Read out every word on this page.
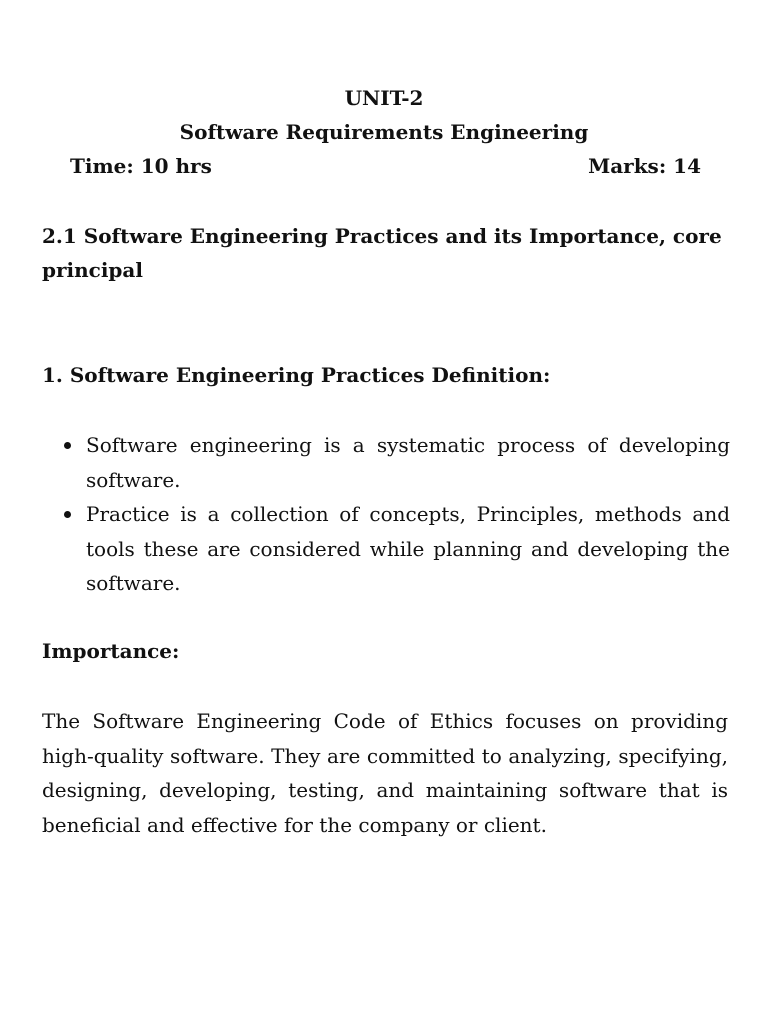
UNIT-2
Software Requirements Engineering
Time: 10 hrs	Marks: 14
2.1 Software Engineering Practices and its Importance, core principal
1. Software Engineering Practices Definition:
Software engineering is a systematic process of developing software.
Practice is a collection of concepts, Principles, methods and tools these are considered while planning and developing the software.
Importance:

The Software Engineering Code of Ethics focuses on providing high-quality software. They are committed to analyzing, specifying, designing, developing, testing, and maintaining software that is beneficial and effective for the company or client.
